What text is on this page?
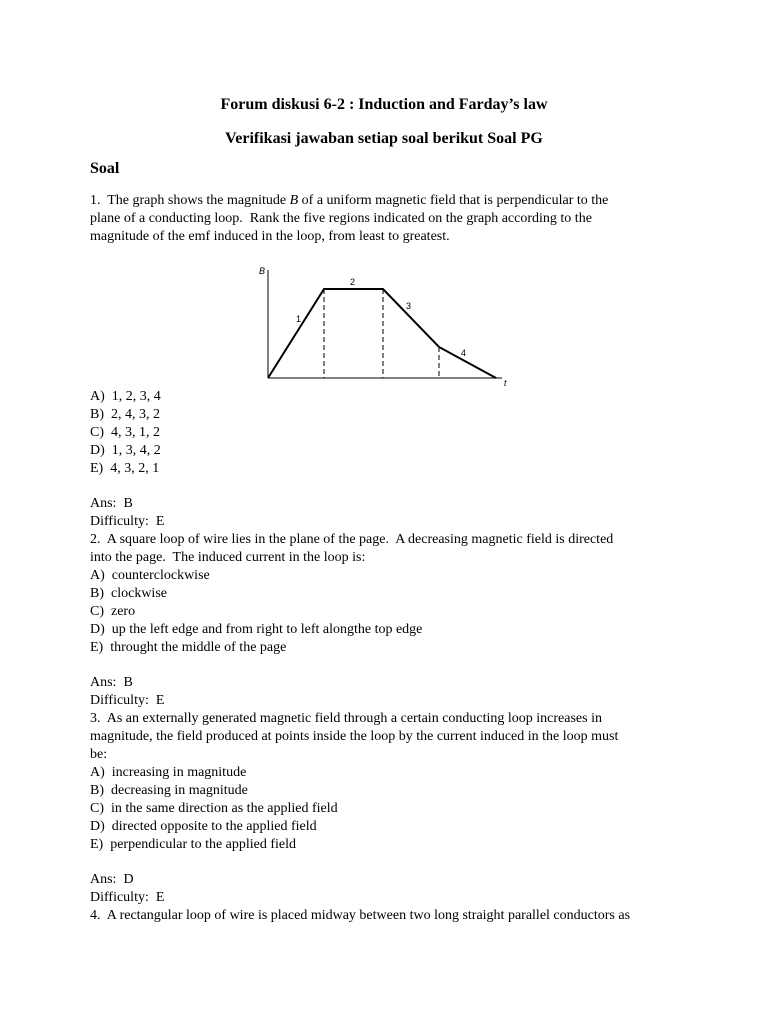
Forum diskusi 6-2 : Induction and Farday’s law
Verifikasi jawaban setiap soal berikut Soal PG
Soal
1.  The graph shows the magnitude B of a uniform magnetic field that is perpendicular to the
plane of a conducting loop.  Rank the five regions indicated on the graph according to the
magnitude of the emf induced in the loop, from least to greatest.
B
t
1
2
3
4
A)  1, 2, 3, 4
B)  2, 4, 3, 2
C)  4, 3, 1, 2
D)  1, 3, 4, 2
E)  4, 3, 2, 1
Ans:  B
Difficulty:  E
2.  A square loop of wire lies in the plane of the page.  A decreasing magnetic field is directed
into the page.  The induced current in the loop is:
A)  counterclockwise
B)  clockwise
C)  zero
D)  up the left edge and from right to left alongthe top edge
E)  throught the middle of the page
Ans:  B
Difficulty:  E
3.  As an externally generated magnetic field through a certain conducting loop increases in
magnitude, the field produced at points inside the loop by the current induced in the loop must
be:
A)  increasing in magnitude
B)  decreasing in magnitude
C)  in the same direction as the applied field
D)  directed opposite to the applied field
E)  perpendicular to the applied field
Ans:  D
Difficulty:  E
4.  A rectangular loop of wire is placed midway between two long straight parallel conductors as
